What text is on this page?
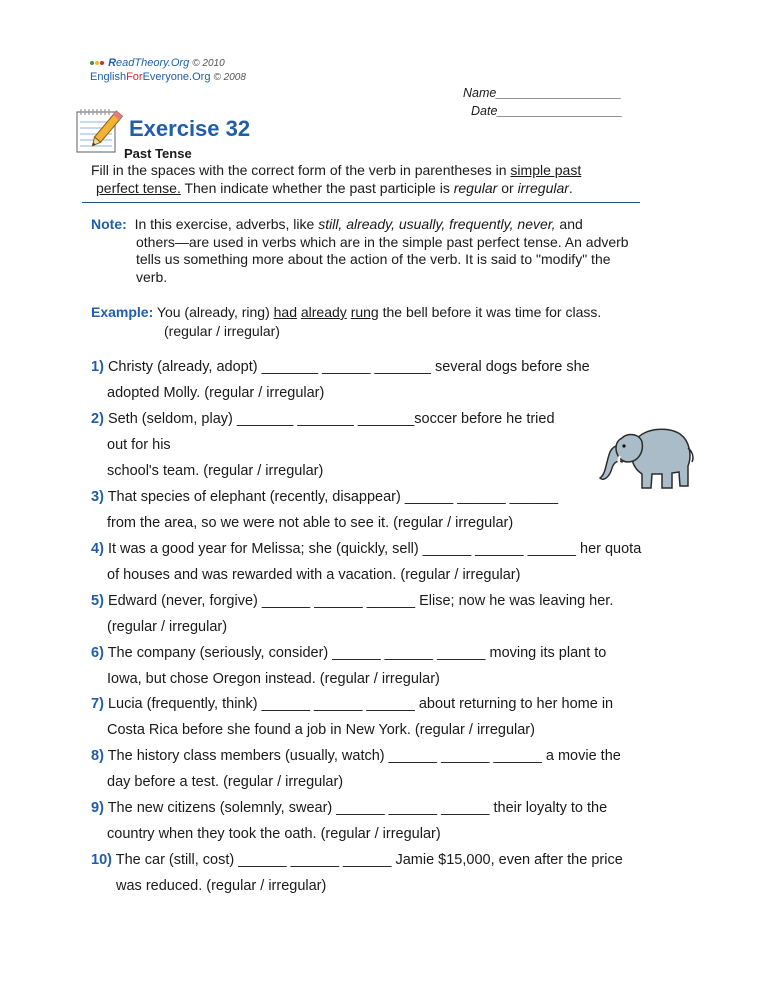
ReadTheory.Org © 2010
EnglishForEveryone.Org © 2008
Name__________________
Date__________________
Exercise 32
Past Tense
Fill in the spaces with the correct form of the verb in parentheses in simple past
perfect tense. Then indicate whether the past participle is regular or irregular.
Note: In this exercise, adverbs, like still, already, usually, frequently, never, and
others—are used in verbs which are in the simple past perfect tense. An adverb
tells us something more about the action of the verb. It is said to "modify" the
verb.
Example: You (already, ring) had already rung the bell before it was time for class.
(regular / irregular)
1) Christy (already, adopt) _______ ______ _______ several dogs before she
adopted Molly. (regular / irregular)
2) Seth (seldom, play) _______ _______ _______soccer before he tried
out for his
school's team. (regular / irregular)
3) That species of elephant (recently, disappear) ______ ______ ______
from the area, so we were not able to see it. (regular / irregular)
4) It was a good year for Melissa; she (quickly, sell) ______ ______ ______ her quota
of houses and was rewarded with a vacation. (regular / irregular)
5) Edward (never, forgive) ______ ______ ______ Elise; now he was leaving her.
(regular / irregular)
6) The company (seriously, consider) ______ ______ ______ moving its plant to
Iowa, but chose Oregon instead. (regular / irregular)
7) Lucia (frequently, think) ______ ______ ______ about returning to her home in
Costa Rica before she found a job in New York. (regular / irregular)
8) The history class members (usually, watch) ______ ______ ______ a movie the
day before a test. (regular / irregular)
9) The new citizens (solemnly, swear) ______ ______ ______ their loyalty to the
country when they took the oath. (regular / irregular)
10) The car (still, cost) ______ ______ ______ Jamie $15,000, even after the price
was reduced. (regular / irregular)
